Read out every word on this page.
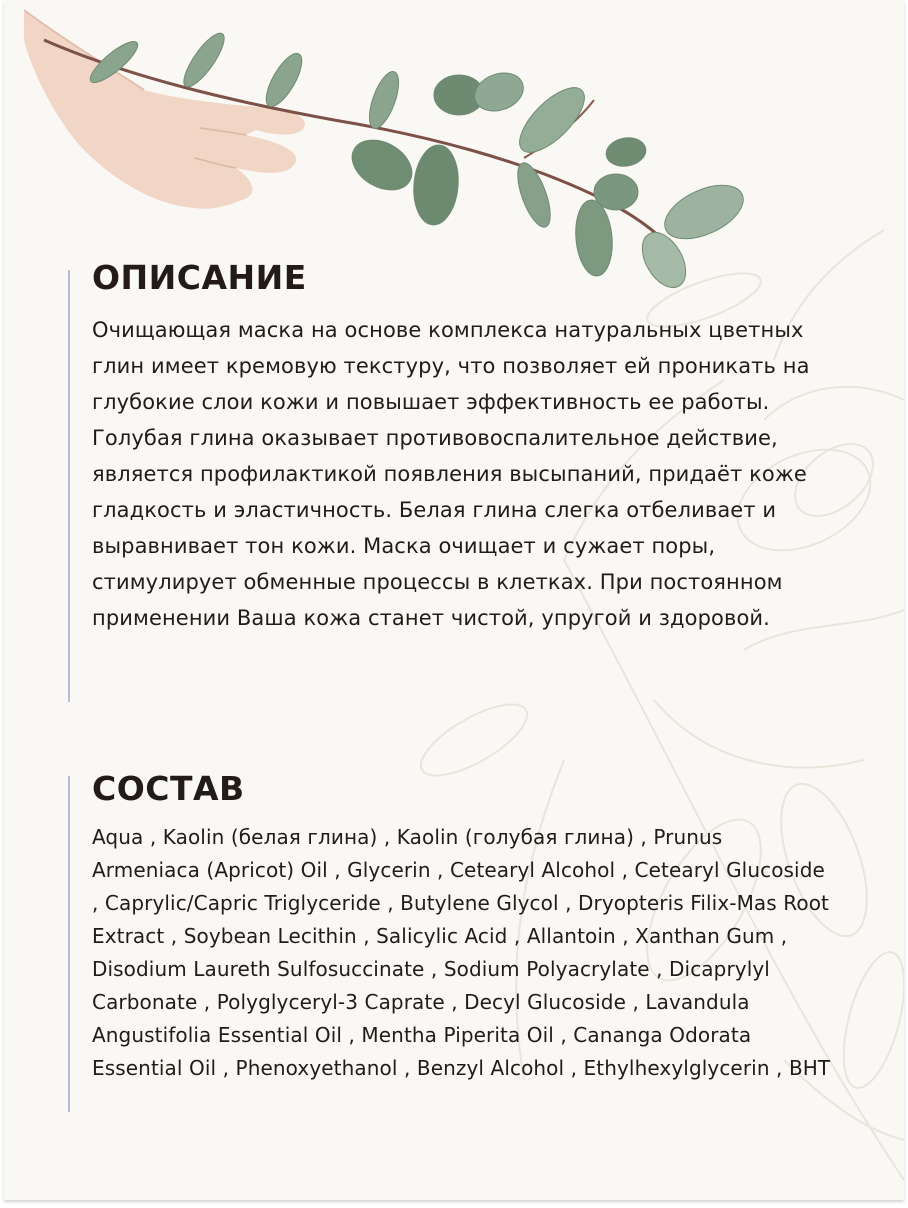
ОПИСАНИЕ

Очищающая маска на основе комплекса натуральных цветных глин имеет кремовую текстуру, что позволяет ей проникать на глубокие слои кожи и повышает эффективность ее работы. Голубая глина оказывает противовоспалительное действие, является профилактикой появления высыпаний, придаёт коже гладкость и эластичность. Белая глина слегка отбеливает и выравнивает тон кожи. Маска очищает и сужает поры, стимулирует обменные процессы в клетках. При постоянном применении Ваша кожа станет чистой, упругой и здоровой.

СОСТАВ

Aqua , Kaolin (белая глина) , Kaolin (голубая глина) , Prunus Armeniaca (Apricot) Oil , Glycerin , Cetearyl Alcohol , Cetearyl Glucoside , Caprylic/Capric Triglyceride , Butylene Glycol , Dryopteris Filix-Mas Root Extract , Soybean Lecithin , Salicylic Acid , Allantoin , Xanthan Gum , Disodium Laureth Sulfosuccinate , Sodium Polyacrylate , Dicaprylyl Carbonate , Polyglyceryl-3 Caprate , Decyl Glucoside , Lavandula Angustifolia Essential Oil , Mentha Piperita Oil , Cananga Odorata Essential Oil , Phenoxyethanol , Benzyl Alcohol , Ethylhexylglycerin , BHT
